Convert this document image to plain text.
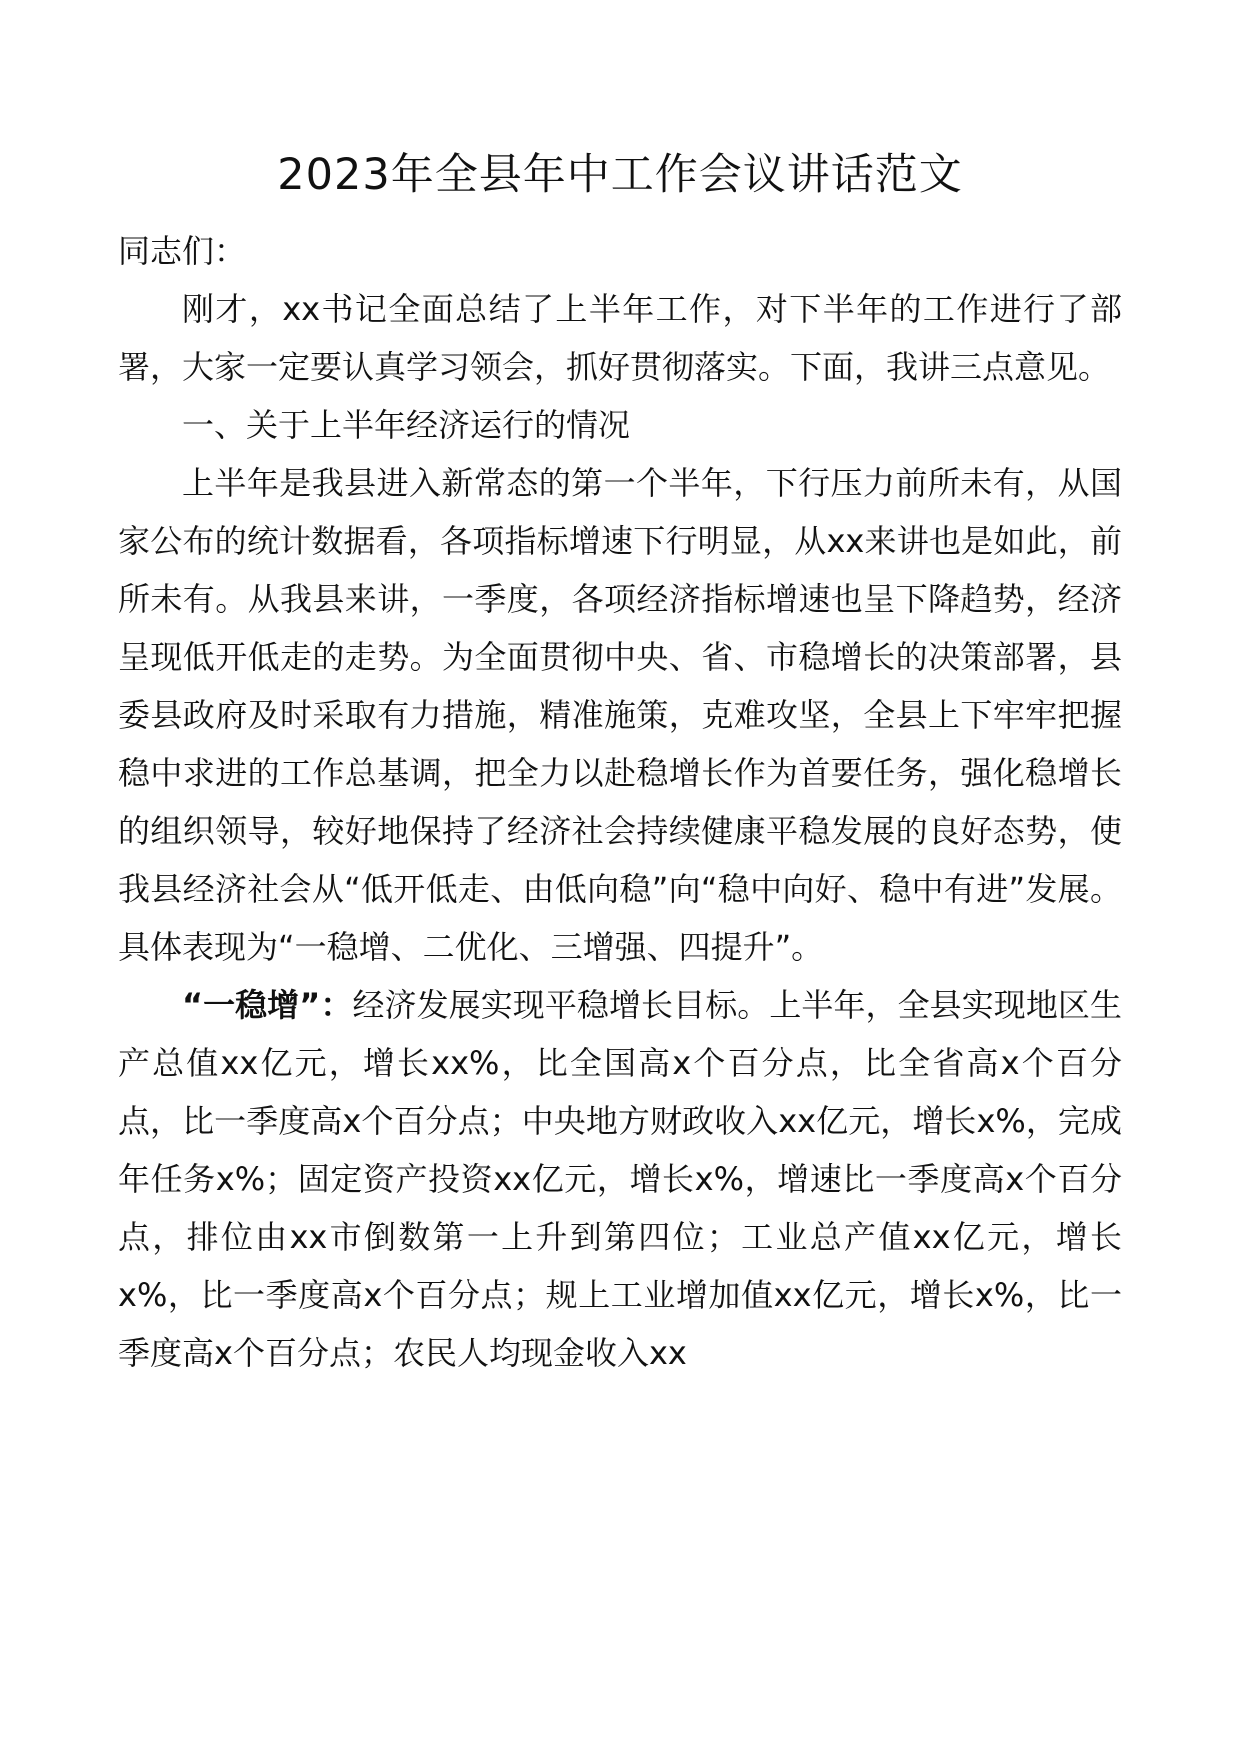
2023年全县年中工作会议讲话范文

同志们：

刚才，xx书记全面总结了上半年工作，对下半年的工作进行了部署，大家一定要认真学习领会，抓好贯彻落实。下面，我讲三点意见。

一、关于上半年经济运行的情况

上半年是我县进入新常态的第一个半年，下行压力前所未有，从国家公布的统计数据看，各项指标增速下行明显，从xx来讲也是如此，前所未有。从我县来讲，一季度，各项经济指标增速也呈下降趋势，经济呈现低开低走的走势。为全面贯彻中央、省、市稳增长的决策部署，县委县政府及时采取有力措施，精准施策，克难攻坚，全县上下牢牢把握稳中求进的工作总基调，把全力以赴稳增长作为首要任务，强化稳增长的组织领导，较好地保持了经济社会持续健康平稳发展的良好态势，使我县经济社会从“低开低走、由低向稳”向“稳中向好、稳中有进”发展。具体表现为“一稳增、二优化、三增强、四提升”。

“一稳增”：经济发展实现平稳增长目标。上半年，全县实现地区生产总值xx亿元，增长xx%，比全国高x个百分点，比全省高x个百分点，比一季度高x个百分点；中央地方财政收入xx亿元，增长x%，完成年任务x%；固定资产投资xx亿元，增长x%，增速比一季度高x个百分点，排位由xx市倒数第一上升到第四位；工业总产值xx亿元，增长x%，比一季度高x个百分点；规上工业增加值xx亿元，增长x%，比一季度高x个百分点；农民人均现金收入xx
